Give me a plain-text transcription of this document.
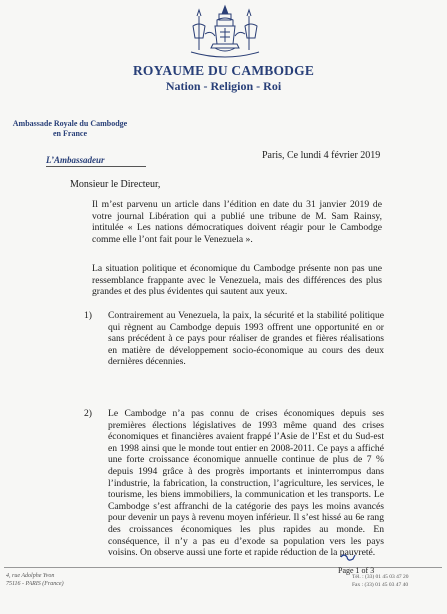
ROYAUME DU CAMBODGE
Nation - Religion - Roi
Ambassade Royale du Cambodge
en France
L’Ambassadeur	Paris, Ce lundi 4 février 2019
Monsieur le Directeur,
Il m’est parvenu un article dans l’édition en date du 31 janvier 2019 de votre journal Libération qui a publié une tribune de M. Sam Rainsy, intitulée « Les nations démocratiques doivent réagir pour le Cambodge comme elle l’ont fait pour le Venezuela ».
La situation politique et économique du Cambodge présente non pas une ressemblance frappante avec le Venezuela, mais des différences des plus grandes et des plus évidentes qui sautent aux yeux.
1) Contrairement au Venezuela, la paix, la sécurité et la stabilité politique qui règnent au Cambodge depuis 1993 offrent une opportunité en or sans précédent à ce pays pour réaliser de grandes et fières réalisations en matière de développement socio-économique au cours des deux dernières décennies.
2) Le Cambodge n’a pas connu de crises économiques depuis ses premières élections législatives de 1993 même quand des crises économiques et financières avaient frappé l’Asie de l’Est et du Sud-est en 1998 ainsi que le monde tout entier en 2008-2011. Ce pays a affiché une forte croissance économique annuelle continue de plus de 7 % depuis 1994 grâce à des progrès importants et ininterrompus dans l’industrie, la fabrication, la construction, l’agriculture, les services, le tourisme, les biens immobiliers, la communication et les transports. Le Cambodge s’est affranchi de la catégorie des pays les moins avancés pour devenir un pays à revenu moyen inférieur. Il s’est hissé au 6e rang des croissances économiques les plus rapides au monde. En conséquence, il n’y a pas eu d’exode sa population vers les pays voisins. On observe aussi une forte et rapide réduction de la pauvreté.
Page 1 of 3
4, rue Adolphe Yvon
75116 - PARIS (France)
Tél. : (33) 01 45 03 47 20
Fax : (33) 01 45 03 47 40
